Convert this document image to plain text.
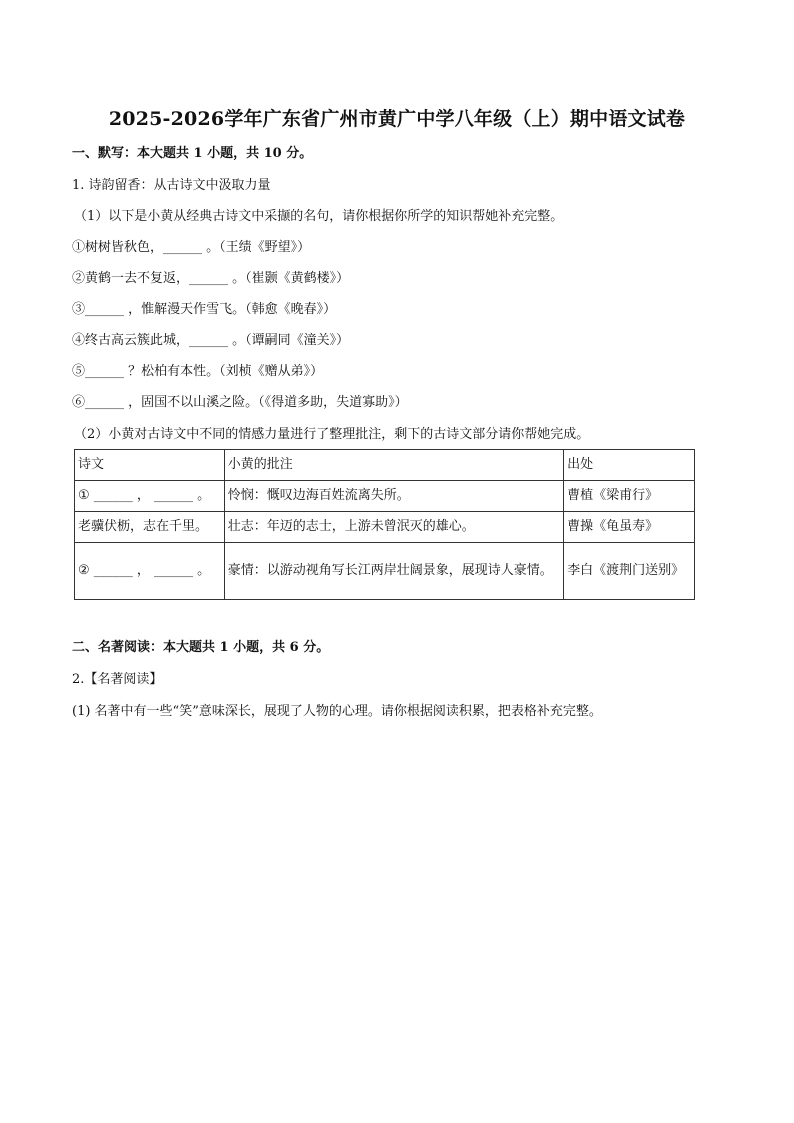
2025-2026学年广东省广州市黄广中学八年级（上）期中语文试卷
一、默写：本大题共 1 小题，共 10 分。
1. 诗韵留香：从古诗文中汲取力量
（1）以下是小黄从经典古诗文中采撷的名句，请你根据你所学的知识帮她补充完整。
①树树皆秋色，______ 。（王绩《野望》）
②黄鹤一去不复返，______ 。（崔颢《黄鹤楼》）
③______ ，惟解漫天作雪飞。（韩愈《晚春》）
④终古高云簇此城，______ 。（谭嗣同《潼关》）
⑤______ ？松柏有本性。（刘桢《赠从弟》）
⑥______ ，固国不以山溪之险。（《得道多助，失道寡助》）
（2）小黄对古诗文中不同的情感力量进行了整理批注，剩下的古诗文部分请你帮她完成。
诗文	小黄的批注	出处
① ______ ， ______ 。	怜悯：慨叹边海百姓流离失所。	曹植《梁甫行》
老骥伏枥，志在千里。	壮志：年迈的志士，上游未曾泯灭的雄心。	曹操《龟虽寿》
② ______ ， ______ 。	豪情：以游动视角写长江两岸壮阔景象，展现诗人豪情。	李白《渡荆门送别》
二、名著阅读：本大题共 1 小题，共 6 分。
2.【名著阅读】
(1) 名著中有一些“笑”意味深长，展现了人物的心理。请你根据阅读积累，把表格补充完整。
